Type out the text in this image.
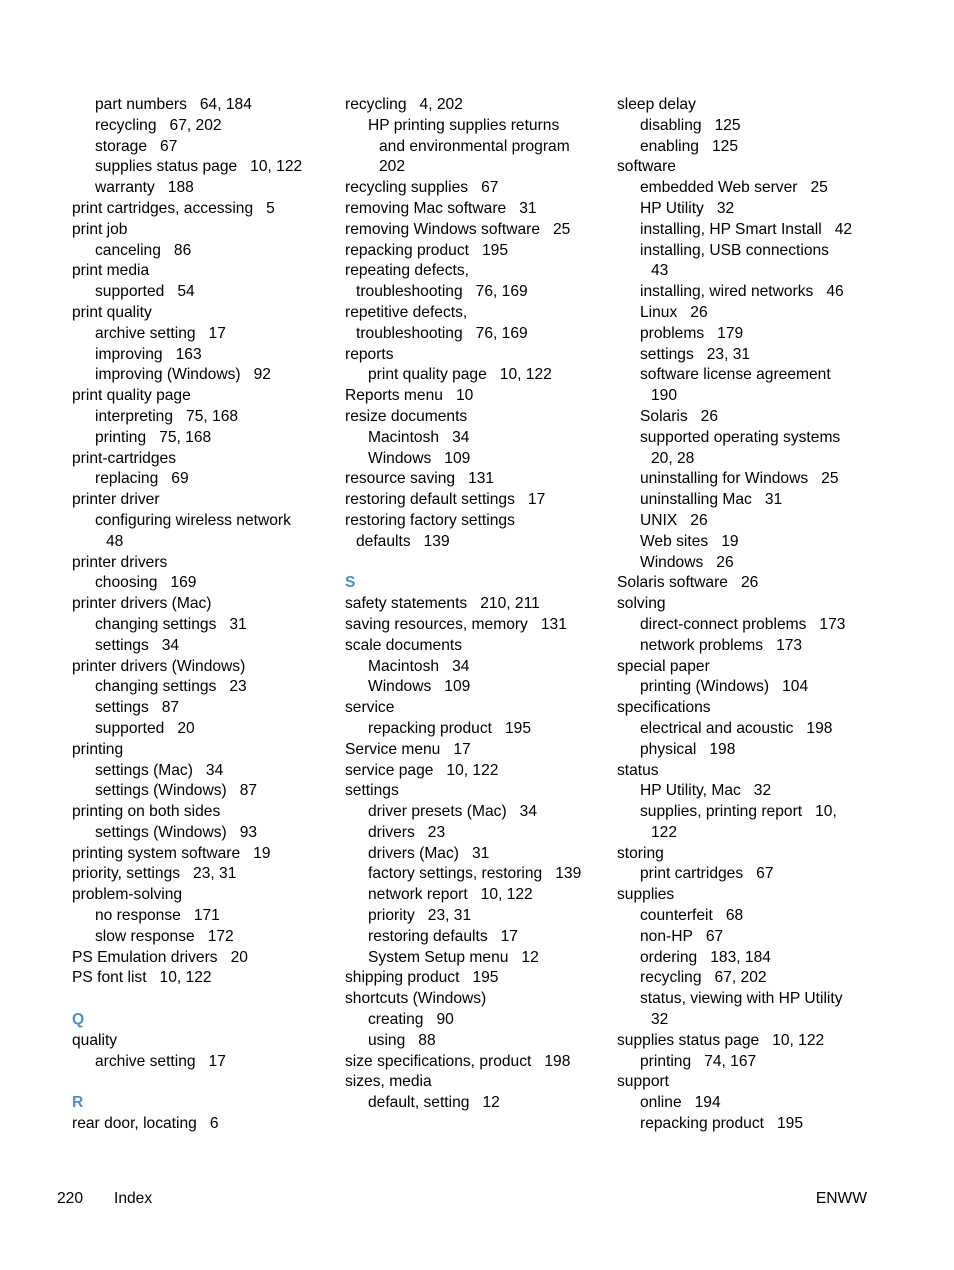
part numbers 64, 184
recycling 67, 202
storage 67
supplies status page 10, 122
warranty 188
print cartridges, accessing 5
print job
canceling 86
print media
supported 54
print quality
archive setting 17
improving 163
improving (Windows) 92
print quality page
interpreting 75, 168
printing 75, 168
print-cartridges
replacing 69
printer driver
configuring wireless network
48
printer drivers
choosing 169
printer drivers (Mac)
changing settings 31
settings 34
printer drivers (Windows)
changing settings 23
settings 87
supported 20
printing
settings (Mac) 34
settings (Windows) 87
printing on both sides
settings (Windows) 93
printing system software 19
priority, settings 23, 31
problem-solving
no response 171
slow response 172
PS Emulation drivers 20
PS font list 10, 122
Q
quality
archive setting 17
R
rear door, locating 6
recycling 4, 202
HP printing supplies returns
and environmental program
202
recycling supplies 67
removing Mac software 31
removing Windows software 25
repacking product 195
repeating defects,
troubleshooting 76, 169
repetitive defects,
troubleshooting 76, 169
reports
print quality page 10, 122
Reports menu 10
resize documents
Macintosh 34
Windows 109
resource saving 131
restoring default settings 17
restoring factory settings
defaults 139
S
safety statements 210, 211
saving resources, memory 131
scale documents
Macintosh 34
Windows 109
service
repacking product 195
Service menu 17
service page 10, 122
settings
driver presets (Mac) 34
drivers 23
drivers (Mac) 31
factory settings, restoring 139
network report 10, 122
priority 23, 31
restoring defaults 17
System Setup menu 12
shipping product 195
shortcuts (Windows)
creating 90
using 88
size specifications, product 198
sizes, media
default, setting 12
sleep delay
disabling 125
enabling 125
software
embedded Web server 25
HP Utility 32
installing, HP Smart Install 42
installing, USB connections
43
installing, wired networks 46
Linux 26
problems 179
settings 23, 31
software license agreement
190
Solaris 26
supported operating systems
20, 28
uninstalling for Windows 25
uninstalling Mac 31
UNIX 26
Web sites 19
Windows 26
Solaris software 26
solving
direct-connect problems 173
network problems 173
special paper
printing (Windows) 104
specifications
electrical and acoustic 198
physical 198
status
HP Utility, Mac 32
supplies, printing report 10,
122
storing
print cartridges 67
supplies
counterfeit 68
non-HP 67
ordering 183, 184
recycling 67, 202
status, viewing with HP Utility
32
supplies status page 10, 122
printing 74, 167
support
online 194
repacking product 195
220 Index	ENWW
